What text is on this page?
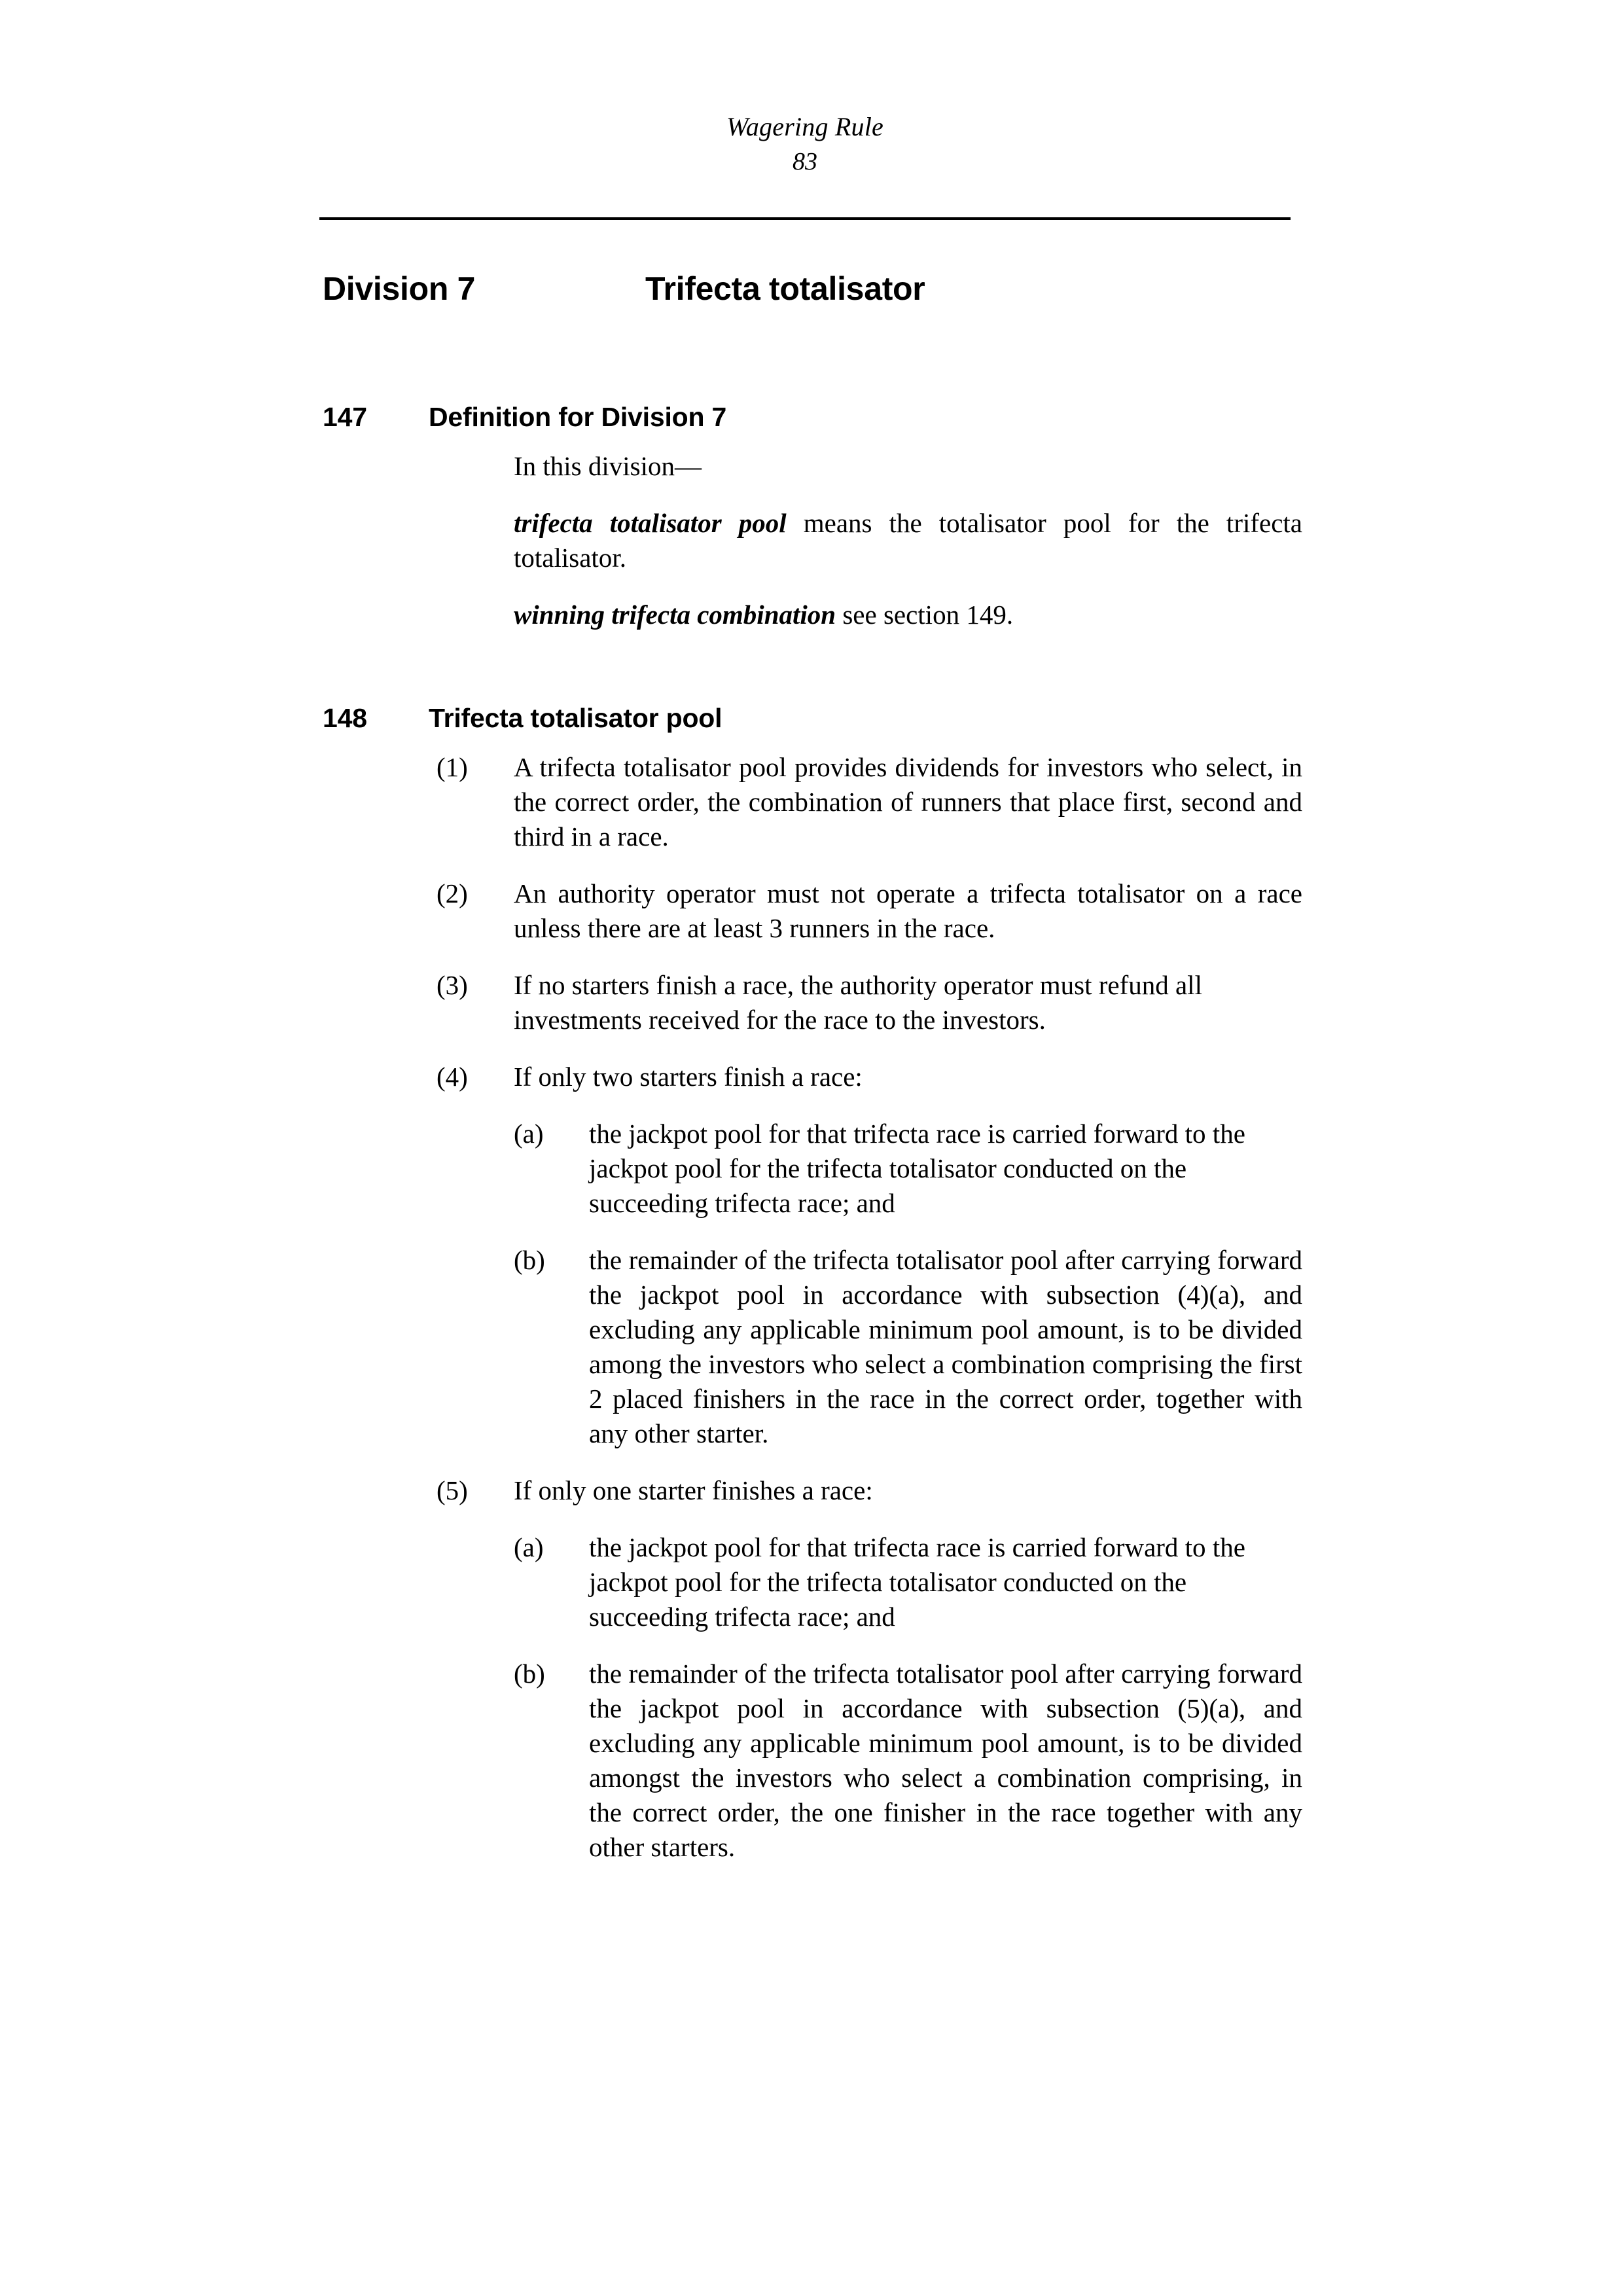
Wagering Rule
83
Division 7	Trifecta totalisator
147	Definition for Division 7
In this division—
trifecta totalisator pool means the totalisator pool for the trifecta totalisator.
winning trifecta combination see section 149.
148	Trifecta totalisator pool
(1)	A trifecta totalisator pool provides dividends for investors who select, in the correct order, the combination of runners that place first, second and third in a race.
(2)	An authority operator must not operate a trifecta totalisator on a race unless there are at least 3 runners in the race.
(3)	If no starters finish a race, the authority operator must refund all investments received for the race to the investors.
(4)	If only two starters finish a race:
(a)	the jackpot pool for that trifecta race is carried forward to the jackpot pool for the trifecta totalisator conducted on the succeeding trifecta race; and
(b)	the remainder of the trifecta totalisator pool after carrying forward the jackpot pool in accordance with subsection (4)(a), and excluding any applicable minimum pool amount, is to be divided among the investors who select a combination comprising the first 2 placed finishers in the race in the correct order, together with any other starter.
(5)	If only one starter finishes a race:
(a)	the jackpot pool for that trifecta race is carried forward to the jackpot pool for the trifecta totalisator conducted on the succeeding trifecta race; and
(b)	the remainder of the trifecta totalisator pool after carrying forward the jackpot pool in accordance with subsection (5)(a), and excluding any applicable minimum pool amount, is to be divided amongst the investors who select a combination comprising, in the correct order, the one finisher in the race together with any other starters.
